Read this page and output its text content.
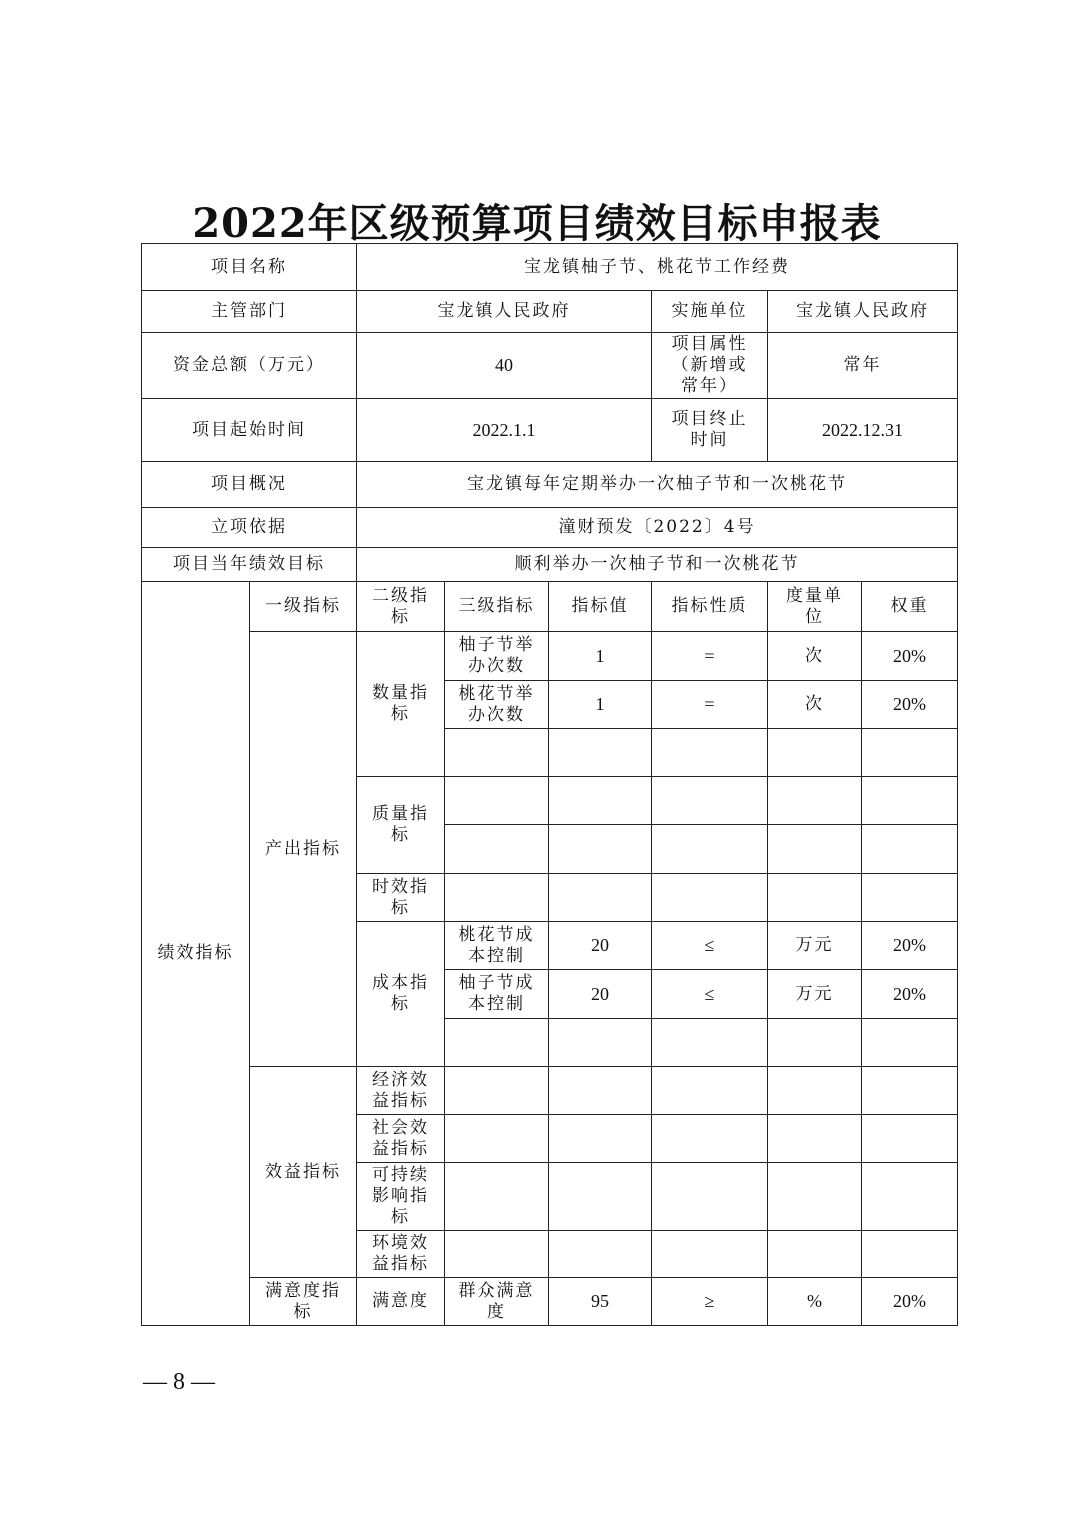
2022年区级预算项目绩效目标申报表
项目名称		宝龙镇柚子节、桃花节工作经费					
主管部门		宝龙镇人民政府			实施单位	宝龙镇人民政府	
资金总额（万元）		40			项目属性（新增或常年）	常年	
项目起始时间		2022.1.1			项目终止时间	2022.12.31	
项目概况		宝龙镇每年定期举办一次柚子节和一次桃花节					
立项依据		潼财预发〔2022〕4号					
项目当年绩效目标		顺利举办一次柚子节和一次桃花节					
绩效指标	一级指标	二级指标	三级指标	指标值	指标性质	度量单位	权重
	产出指标	数量指标	柚子节举办次数	1	=	次	20%
			桃花节举办次数	1	=	次	20%

		质量指标					

		时效指标					
		成本指标	桃花节成本控制	20	≤	万元	20%
			柚子节成本控制	20	≤	万元	20%

	效益指标	经济效益指标					
		社会效益指标					
		可持续影响指标					
		环境效益指标					
	满意度指标	满意度	群众满意度	95	≥	%	20%
— 8 —
